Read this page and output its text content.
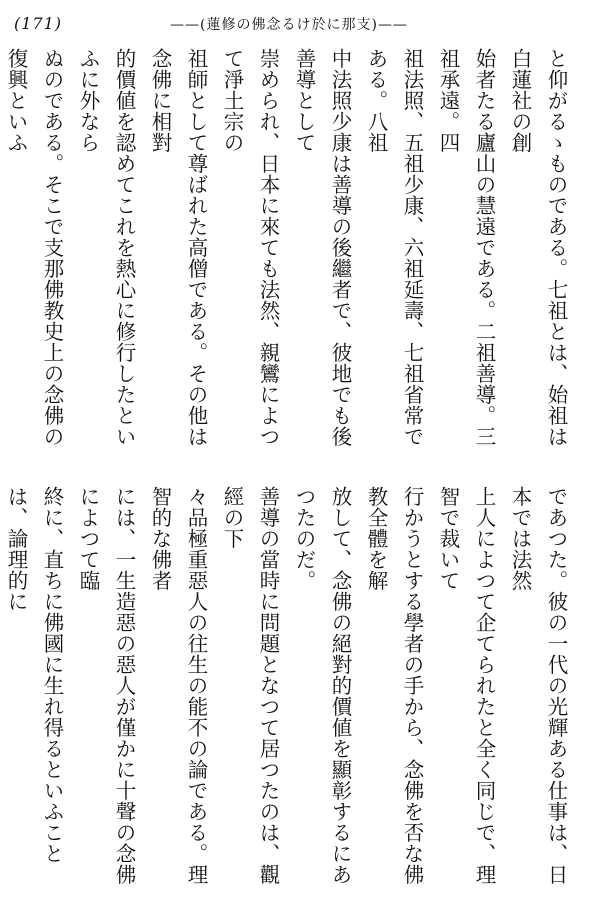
(171)	——(蓮修の佛念るけ於に那支)——
と仰がるゝものである。七祖とは、始祖は白蓮社の創
始者たる廬山の慧遠である。二祖善導。三祖承遠。四
祖法照、五祖少康、六祖延壽、七祖省常である。八祖
中法照少康は善導の後繼者で、彼地でも後善導として
崇められ、日本に來ても法然、親鸞によつて淨土宗の
祖師として尊ばれた高僧である。その他は念佛に相對
的價値を認めてこれを熱心に修行したといふに外なら
ぬのである。そこで支那佛教史上の念佛の復興といふ
であつた。彼の一代の光輝ある仕事は、日本では法然
上人によつて企てられたと全く同じで、理智で裁いて
行かうとする學者の手から、念佛を否な佛教全體を解
放して、念佛の絕對的價値を顯彰するにあつたのだ。
善導の當時に問題となつて居つたのは、觀經の下
々品極重惡人の往生の能不の論である。理智的な佛者
には、一生造惡の惡人が僅かに十聲の念佛によつて臨
終に、直ちに佛國に生れ得るといふことは、論理的に
